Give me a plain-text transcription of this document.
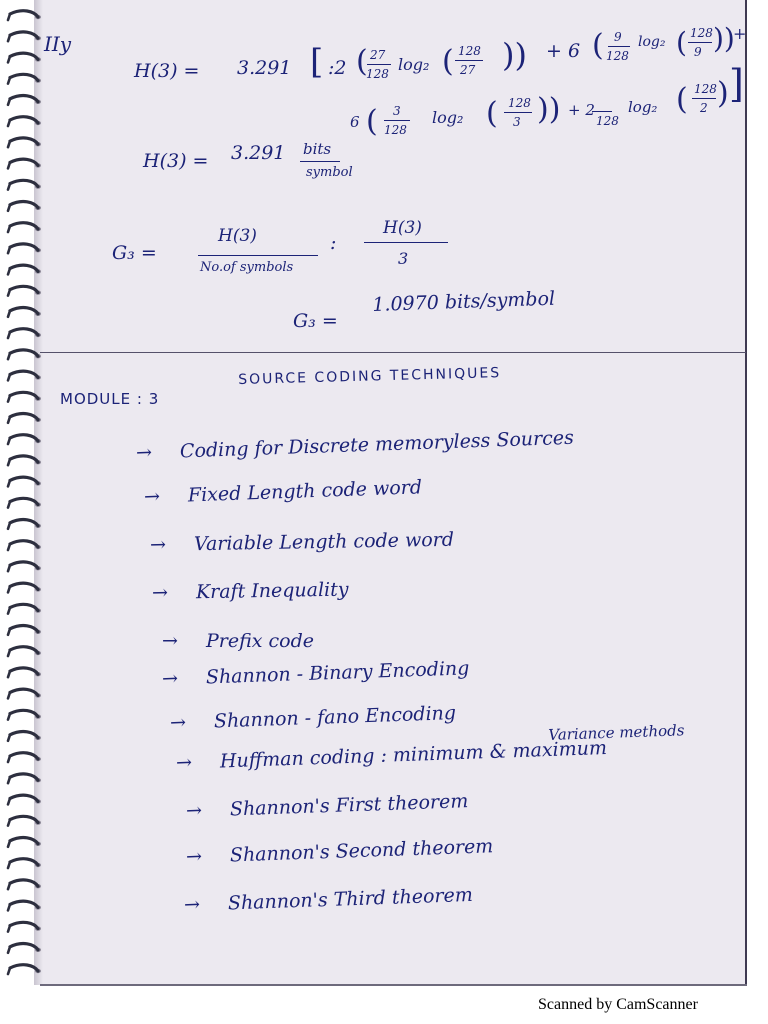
IIy
H(3) = 3.291 [ :2 ( 27
128 log₂ ( 128
27 )) + 6 ( 9
128
log₂ ( 128
9 ))
+
6 ( 3
128
log₂ ( 128
3 )) + 2
128
log₂ ( 128
2 ) ]
H(3) = 3.291 bits
symbol
G₃ =
H(3)
No.of symbols
:
H(3)
3
G₃ =
1.0970 bits/symbol
MODULE : 3
SOURCE CODING TECHNIQUES
→ Coding for Discrete memoryless Sources
→ Fixed Length code word
→ Variable Length code word
→ Kraft Inequality
→ Prefix code
→ Shannon - Binary Encoding
→ Shannon - fano Encoding
→ Huffman coding : minimum & maximum
Variance methods
→ Shannon's First theorem
→ Shannon's Second theorem
→ Shannon's Third theorem
Scanned by CamScanner
